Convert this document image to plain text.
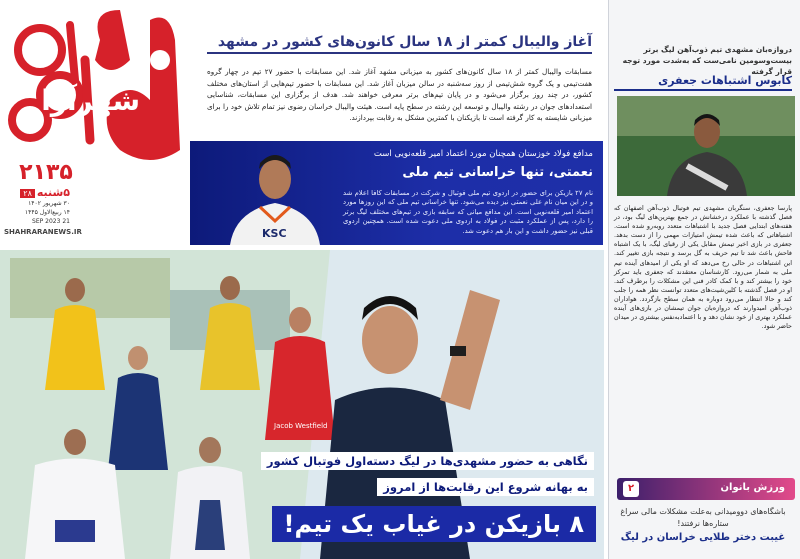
شهرآرا
۲۱۳۵
۵شنبه ۲۸
۳۰ شهریور ۱۴۰۲
۱۴ ربیع‌الاول ۱۴۴۵
21 SEP 2023
SHAHRARANEWS.IR
آغاز والیبال کمتر از ۱۸ سال کانون‌های کشور در مشهد
مسابقات والیبال کمتر از ۱۸ سال کانون‌های کشور به میزبانی مشهد آغاز شد. این مسابقات با حضور ۲۷ تیم در چهار گروه هفت‌تیمی و یک گروه شش‌تیمی از روز سه‌شنبه در سالن میزبان آغاز شد. این مسابقات با حضور تیم‌هایی از استان‌های مختلف کشور، در چند روز برگزار می‌شود و در پایان تیم‌های برتر معرفی خواهند شد. هدف از برگزاری این مسابقات، شناسایی استعدادهای جوان در رشته والیبال و توسعه این رشته در سطح پایه است. هیئت والیبال خراسان رضوی نیز تمام تلاش خود را برای میزبانی شایسته به کار گرفته است تا بازیکنان با کمترین مشکل به رقابت بپردازند.
مدافع فولاد خوزستان همچنان مورد اعتماد امیر قلعه‌نویی است
نعمتی، تنها خراسانی تیم ملی
نام ۲۷ بازیکن برای حضور در اردوی تیم ملی فوتبال و شرکت در مسابقات کافا اعلام شد و در این میان نام علی نعمتی نیز دیده می‌شود. تنها خراسانی تیم ملی که این روزها مورد اعتماد امیر قلعه‌نویی است. این مدافع میانی که سابقه بازی در تیم‌های مختلف لیگ برتر را دارد، پس از عملکرد مثبت در فولاد به اردوی ملی دعوت شده است. همچنین اردوی قبلی نیز حضور داشت و این بار هم دعوت شد.
KSC
دروازه‌بان مشهدی تیم ذوب‌آهن لیگ برتر بیست‌وسومین نامی‌ست که به‌شدت مورد توجه قرار گرفته
کابوس اشتباهات جعفری
پارسا جعفری، سنگربان مشهدی تیم فوتبال ذوب‌آهن اصفهان که فصل گذشته با عملکرد درخشانش در جمع بهترین‌های لیگ بود، در هفته‌های ابتدایی فصل جدید با اشتباهات متعدد روبه‌رو شده است. اشتباهاتی که باعث شده تیمش امتیازات مهمی را از دست بدهد. جعفری در بازی اخیر تیمش مقابل یکی از رقبای لیگ، با یک اشتباه فاحش باعث شد تا تیم حریف به گل برسد و نتیجه بازی تغییر کند. این اشتباهات در حالی رخ می‌دهد که او یکی از امیدهای آینده تیم ملی به شمار می‌رود. کارشناسان معتقدند که جعفری باید تمرکز خود را بیشتر کند و با کمک کادر فنی این مشکلات را برطرف کند. او در فصل گذشته با کلین‌شیت‌های متعدد توانست نظر همه را جلب کند و حالا انتظار می‌رود دوباره به همان سطح بازگردد. هواداران ذوب‌آهن امیدوارند که دروازه‌بان جوان تیمشان در بازی‌های آینده عملکرد بهتری از خود نشان دهد و با اعتمادبه‌نفس بیشتری در میدان حاضر شود.
ورزش بانوان
۲
باشگاه‌های دوومیدانی به‌علت مشکلات مالی سراغ ستاره‌ها نرفتند!
غیبت دختر طلایی خراسان در لیگ
Jacob Westfield
نگاهی به حضور مشهدی‌ها در لیگ دسته‌اول فوتبال کشور
به بهانه شروع این رقابت‌ها از امروز
۸ بازیکن در غیاب یک تیم!
